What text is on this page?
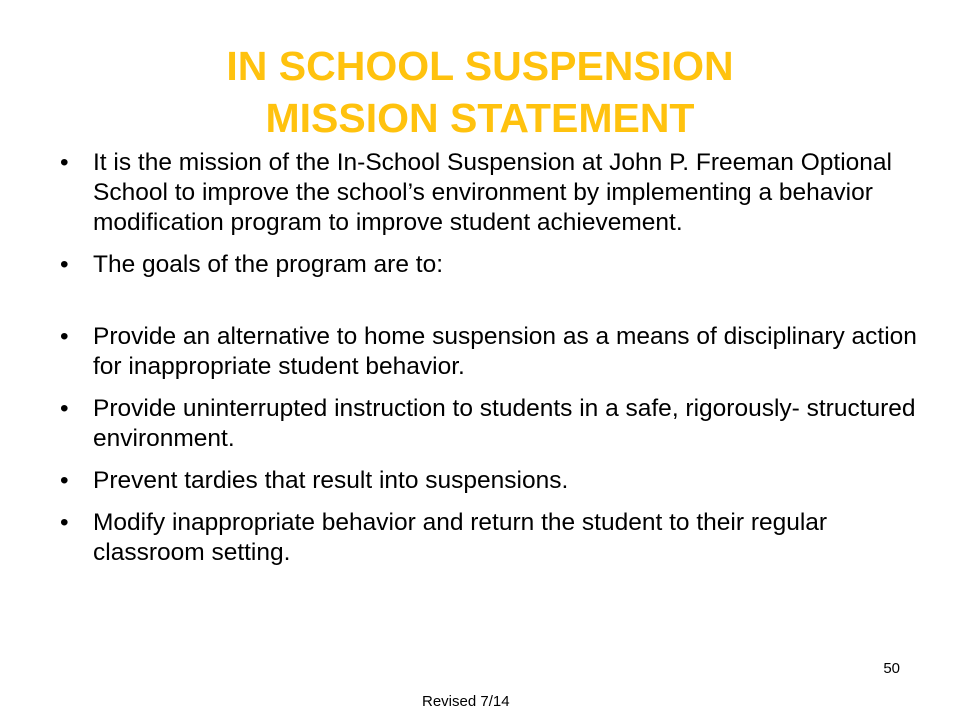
IN SCHOOL SUSPENSION
MISSION STATEMENT
• It is the mission of the In-School Suspension at John P. Freeman Optional School to improve the school’s environment by implementing a behavior modification program to improve student achievement.
• The goals of the program are to:
• Provide an alternative to home suspension as a means of disciplinary action for inappropriate student behavior.
• Provide uninterrupted instruction to students in a safe, rigorously- structured environment.
• Prevent tardies that result into suspensions.
• Modify inappropriate behavior and return the student to their regular classroom setting.
50
Revised 7/14
